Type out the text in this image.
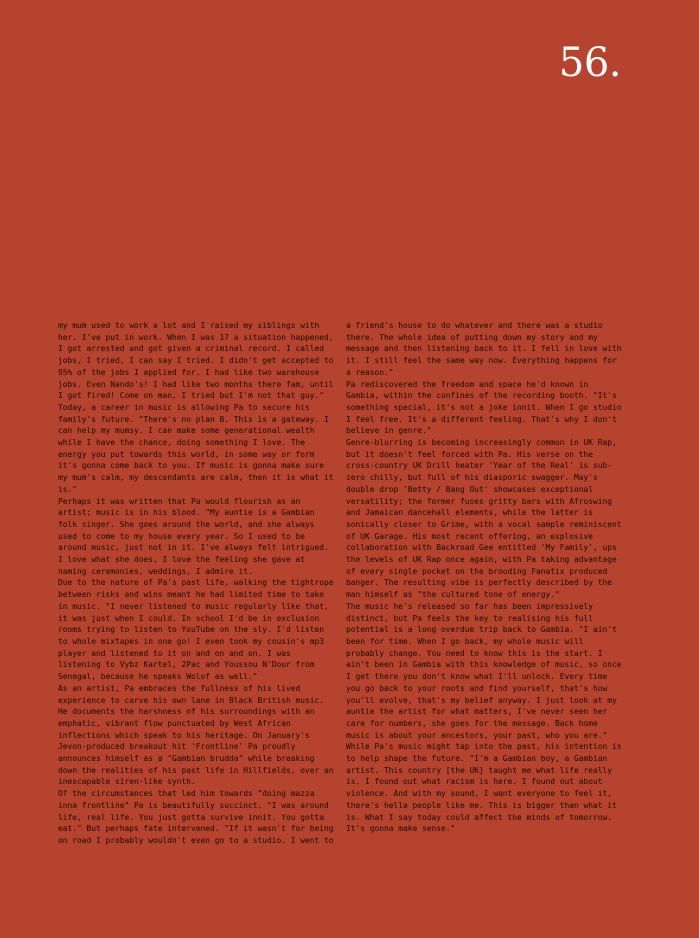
56.

my mum used to work a lot and I raised my siblings with her. I've put in work. When I was 17 a situation happened, I got arrested and got given a criminal record. I called jobs, I tried, I can say I tried. I didn't get accepted to 95% of the jobs I applied for. I had like two warehouse jobs. Even Nando's! I had like two months there fam, until I got fired! Come on man, I tried but I'm not that guy."

Today, a career in music is allowing Pa to secure his family's future. "There's no plan B. This is a gateway. I can help my mumsy. I can make some generational wealth while I have the chance, doing something I love. The energy you put towards this world, in some way or form it's gonna come back to you. If music is gonna make sure my mum's calm, my descendants are calm, then it is what it is."

Perhaps it was written that Pa would flourish as an artist; music is in his blood. "My auntie is a Gambian folk singer. She goes around the world, and she always used to come to my house every year. So I used to be around music, just not in it. I've always felt intrigued. I love what she does, I love the feeling she gave at naming ceremonies, weddings, I admire it.

Due to the nature of Pa's past life, walking the tightrope between risks and wins meant he had limited time to take in music. "I never listened to music regularly like that, it was just when I could. In school I'd be in exclusion rooms trying to listen to YouTube on the sly. I'd listen to whole mixtapes in one go! I even took my cousin's mp3 player and listened to it on and on and on. I was listening to Vybz Kartel, 2Pac and Youssou N'Dour from Senegal, because he speaks Wolof as well."

As an artist, Pa embraces the fullness of his lived experience to carve his own lane in Black British music. He documents the harshness of his surroundings with an emphatic, vibrant flow punctuated by West African inflections which speak to his heritage. On January's Jevon-produced breakout hit 'Frontline' Pa proudly announces himself as a "Gambian brudda" while breaking down the realities of his past life in Hillfields, over an inescapable siren-like synth.

Of the circumstances that led him towards "doing mazza inna frontline" Pa is beautifully succinct. "I was around life, real life. You just gotta survive innit. You gotta eat." But perhaps fate intervened. "If it wasn't for being on road I probably wouldn't even go to a studio. I went to

a friend's house to do whatever and there was a studio there. The whole idea of putting down my story and my message and then listening back to it. I fell in love with it. I still feel the same way now. Everything happens for a reason."

Pa rediscovered the freedom and space he'd known in Gambia, within the confines of the recording booth. "It's something special, it's not a joke innit. When I go studio I feel free. It's a different feeling. That's why I don't believe in genre."

Genre-blurring is becoming increasingly common in UK Rap, but it doesn't feel forced with Pa. His verse on the cross-country UK Drill heater 'Year of the Real' is sub-zero chilly, but full of his diasporic swagger. May's double drop 'Betty / Bang Out' showcases exceptional versatility; the former fuses gritty bars with Afroswing and Jamaican dancehall elements, while the latter is sonically closer to Grime, with a vocal sample reminiscent of UK Garage. His most recent offering, an explosive collaboration with Backroad Gee entitled 'My Family', ups the levels of UK Rap once again, with Pa taking advantage of every single pocket on the brooding Fanatix produced banger. The resulting vibe is perfectly described by the man himself as "the cultured tone of energy."

The music he's released so far has been impressively distinct, but Pa feels the key to realising his full potential is a long overdue trip back to Gambia. "I ain't been for time. When I go back, my whole music will probably change. You need to know this is the start. I ain't been in Gambia with this knowledge of music, so once I get there you don't know what I'll unlock. Every time you go back to your roots and find yourself, that's how you'll evolve, that's my belief anyway. I just look at my auntie the artist for what matters, I've never seen her care for numbers, she goes for the message. Back home music is about your ancestors, your past, who you are."

While Pa's music might tap into the past, his intention is to help shape the future. "I'm a Gambian boy, a Gambian artist. This country [the UK] taught me what life really is. I found out what racism is here. I found out about violence. And with my sound, I want everyone to feel it, there's hella people like me. This is bigger than what it is. What I say today could affect the minds of tomorrow. It's gonna make sense."
